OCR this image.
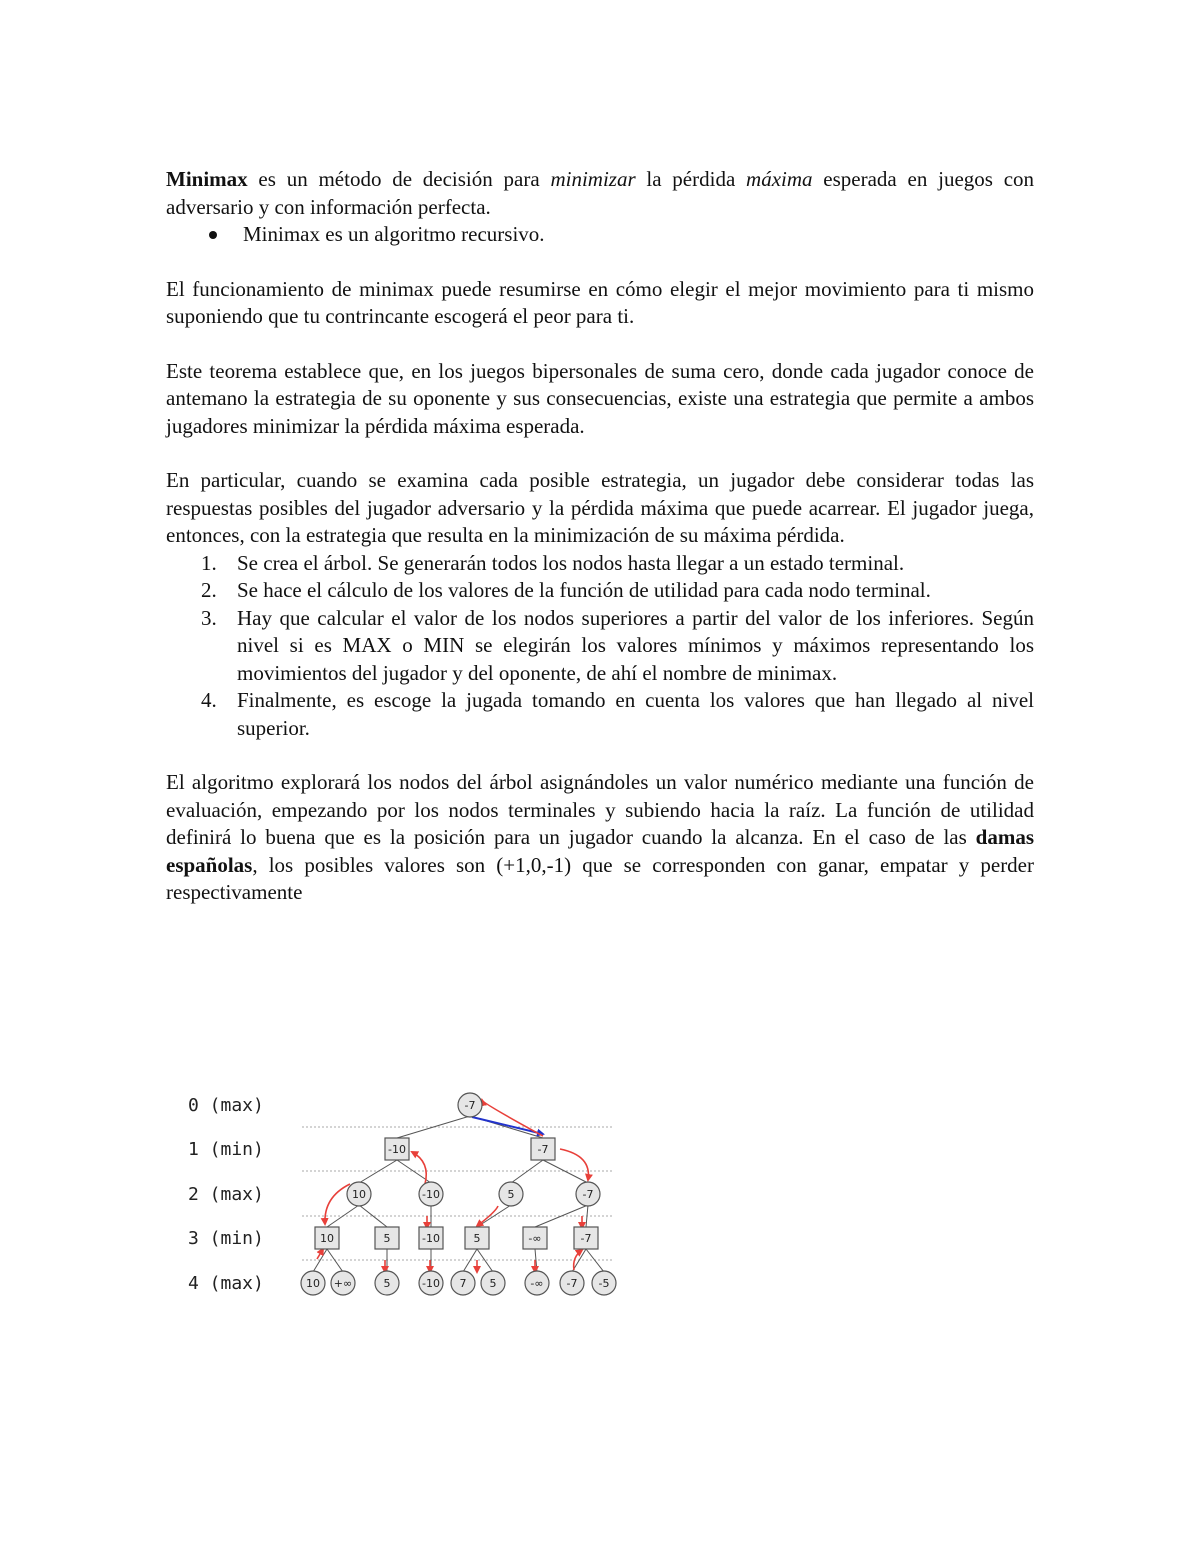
Minimax es un método de decisión para minimizar la pérdida máxima esperada en juegos con adversario y con información perfecta.

Minimax es un algoritmo recursivo.

El funcionamiento de minimax puede resumirse en cómo elegir el mejor movimiento para ti mismo suponiendo que tu contrincante escogerá el peor para ti.

Este teorema establece que, en los juegos bipersonales de suma cero, donde cada jugador conoce de antemano la estrategia de su oponente y sus consecuencias, existe una estrategia que permite a ambos jugadores minimizar la pérdida máxima esperada.

En particular, cuando se examina cada posible estrategia, un jugador debe considerar todas las respuestas posibles del jugador adversario y la pérdida máxima que puede acarrear. El jugador juega, entonces, con la estrategia que resulta en la minimización de su máxima pérdida.

1. Se crea el árbol. Se generarán todos los nodos hasta llegar a un estado terminal.
2. Se hace el cálculo de los valores de la función de utilidad para cada nodo terminal.
3. Hay que calcular el valor de los nodos superiores a partir del valor de los inferiores. Según nivel si es MAX o MIN se elegirán los valores mínimos y máximos representando los movimientos del jugador y del oponente, de ahí el nombre de minimax.
4. Finalmente, es escoge la jugada tomando en cuenta los valores que han llegado al nivel superior.

El algoritmo explorará los nodos del árbol asignándoles un valor numérico mediante una función de evaluación, empezando por los nodos terminales y subiendo hacia la raíz. La función de utilidad definirá lo buena que es la posición para un jugador cuando la alcanza. En el caso de las damas españolas, los posibles valores son (+1,0,-1) que se corresponden con ganar, empatar y perder respectivamente

0 (max)
1 (min)
2 (max)
3 (min)
4 (max)
-7
-10	-7
10	-10	5	-7
10	5	-10	5	-∞	-7
10 +∞	5	-10 7 5	-∞ -7 -5
